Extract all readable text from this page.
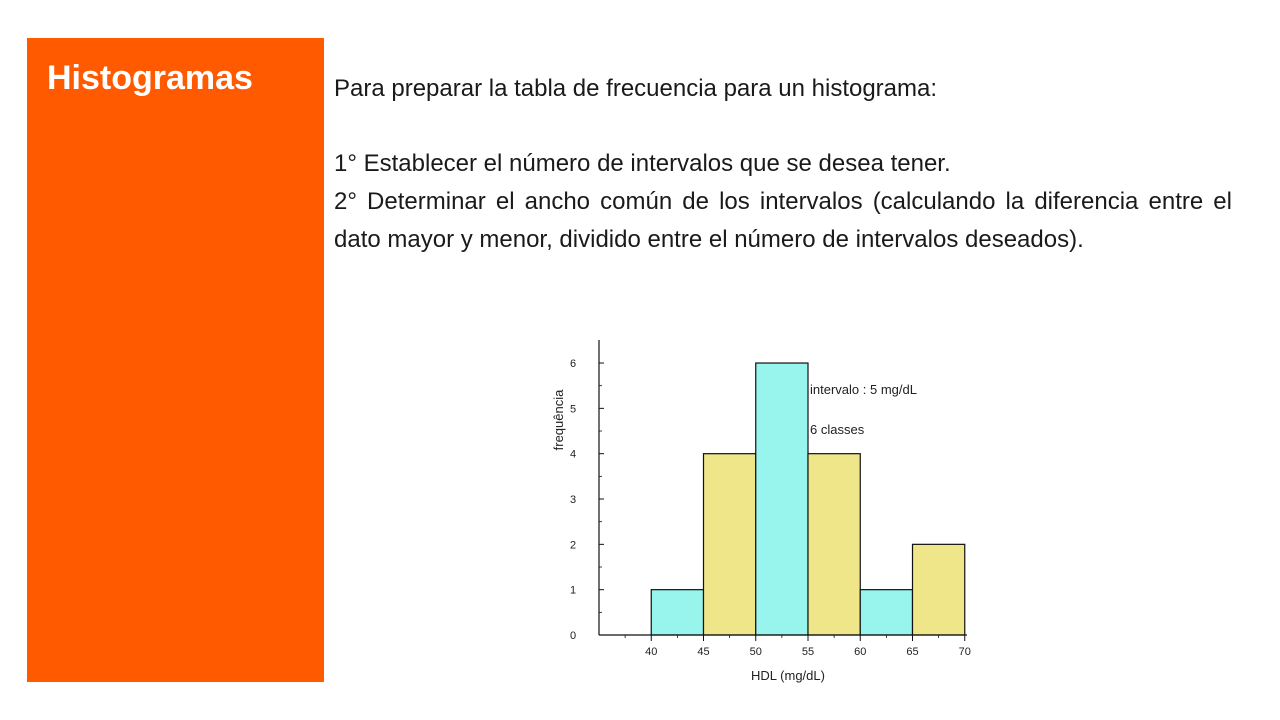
Histogramas	Para preparar la tabla de frecuencia para un histograma:

1° Establecer el número de intervalos que se desea tener.

2° Determinar el ancho común de los intervalos (calculando la diferencia entre el dato mayor y menor, dividido entre el número de intervalos deseados).

0
1
2
3
4
5
6
40	45	50	55	60	65	70
HDL (mg/dL)
frequência
intervalo : 5 mg/dL
6 classes
